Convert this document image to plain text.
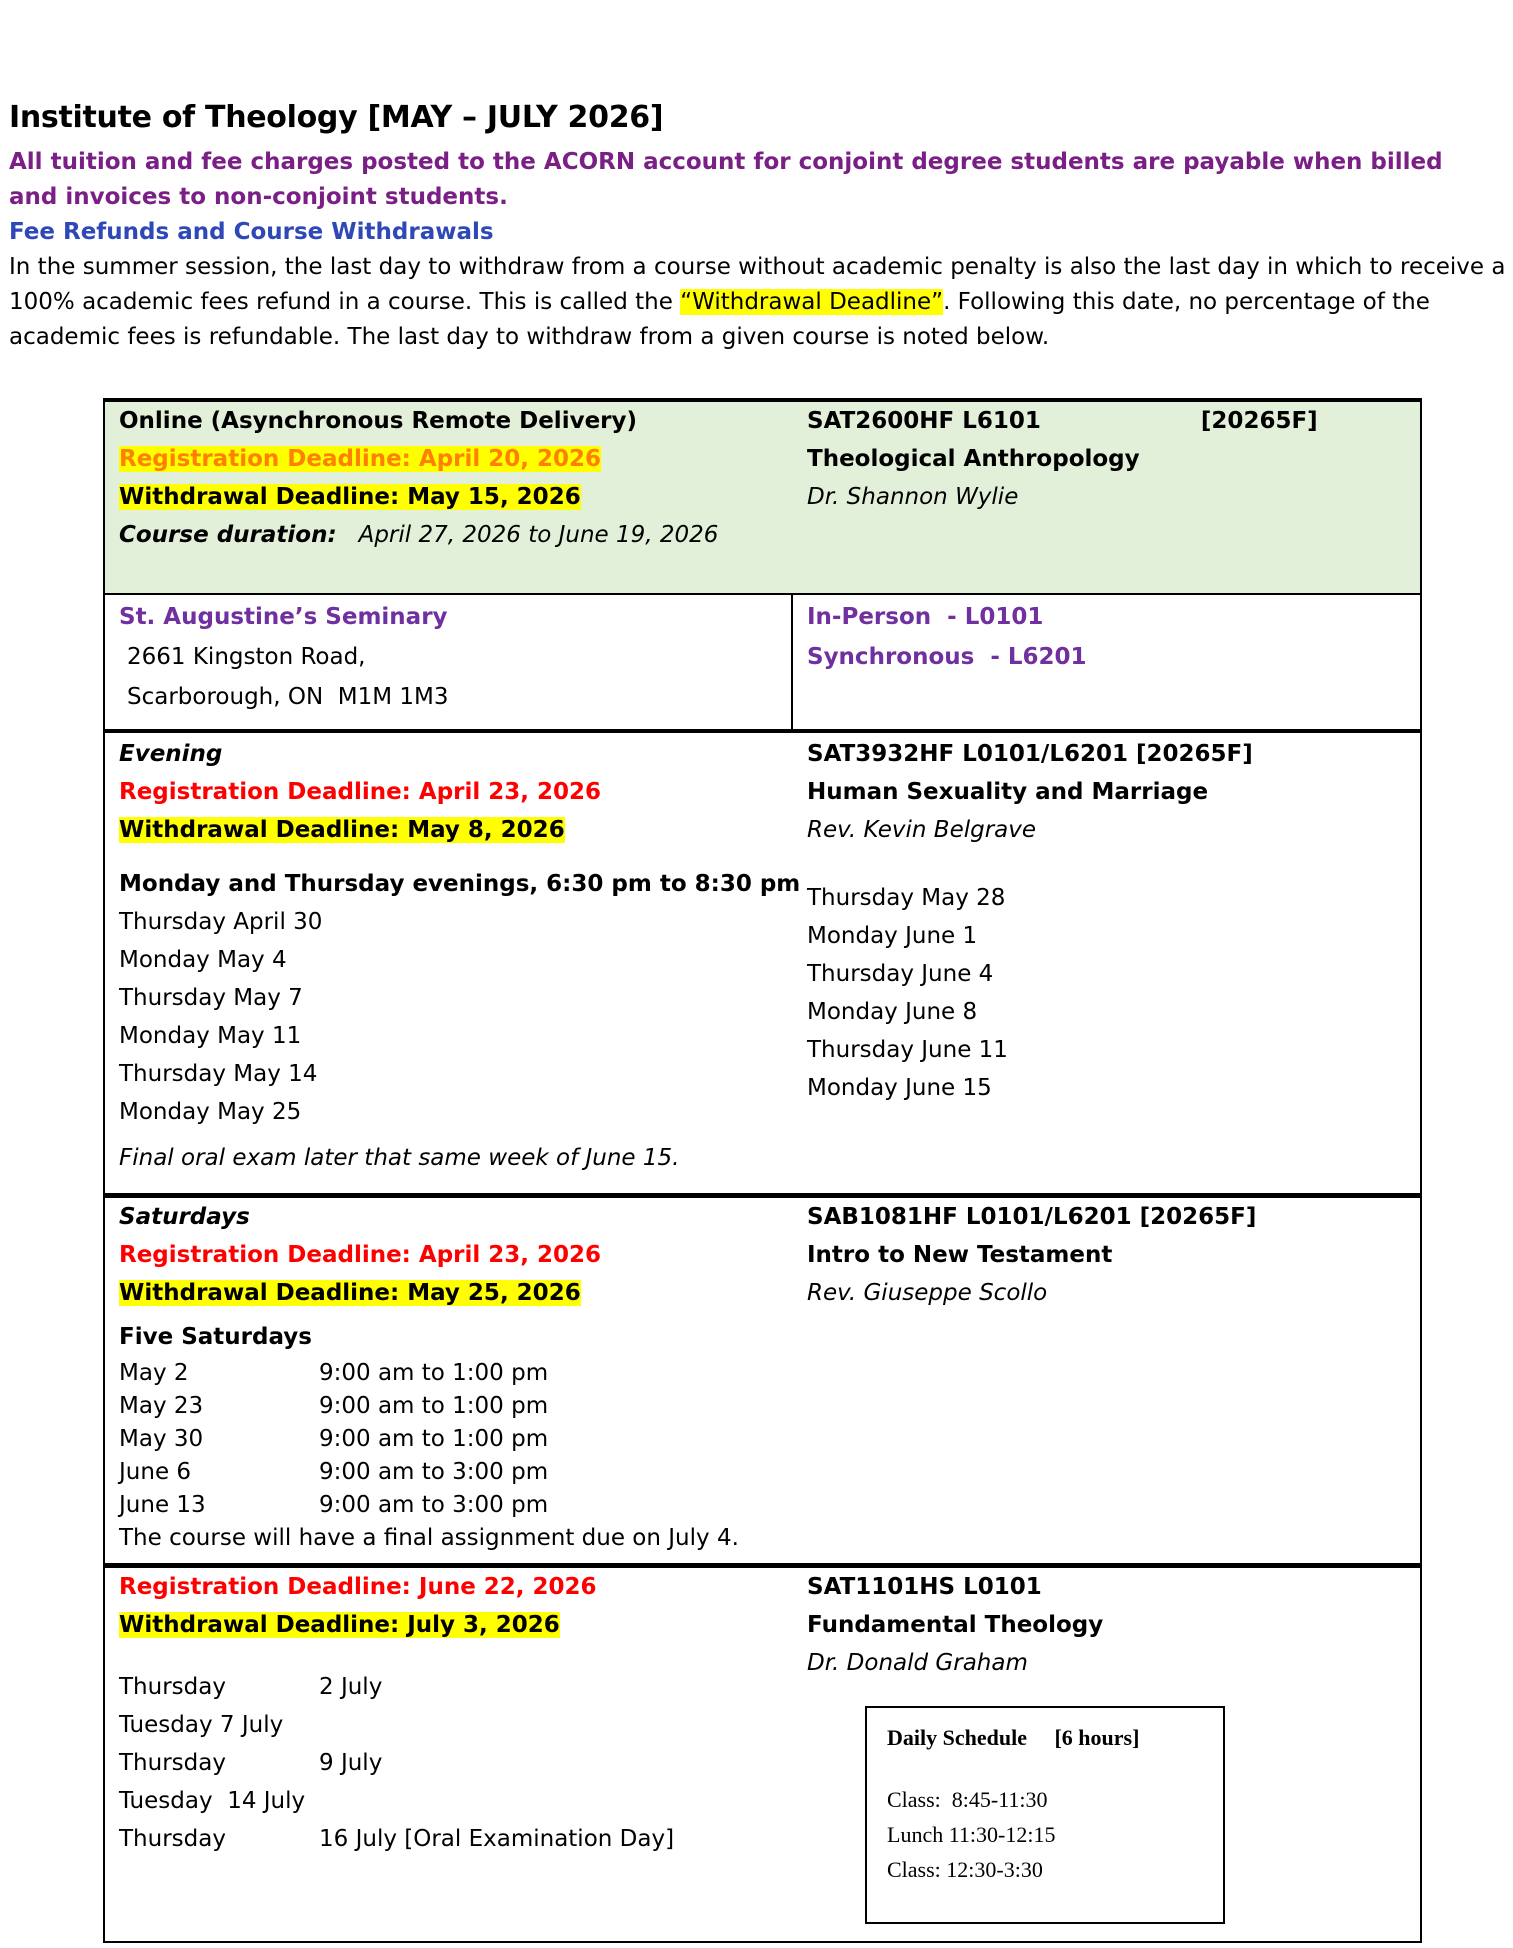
Institute of Theology [MAY – JULY 2026]

All tuition and fee charges posted to the ACORN account for conjoint degree students are payable when billed and invoices to non-conjoint students.

Fee Refunds and Course Withdrawals

In the summer session, the last day to withdraw from a course without academic penalty is also the last day in which to receive a 100% academic fees refund in a course. This is called the “Withdrawal Deadline”. Following this date, no percentage of the academic fees is refundable. The last day to withdraw from a given course is noted below.

Online (Asynchronous Remote Delivery)
Registration Deadline: April 20, 2026
Withdrawal Deadline: May 15, 2026
Course duration:   April 27, 2026 to June 19, 2026
SAT2600HF L6101	[20265F]
Theological Anthropology
Dr. Shannon Wylie
St. Augustine’s Seminary
2661 Kingston Road,
Scarborough, ON  M1M 1M3
In-Person  - L0101
Synchronous  - L6201
Evening
Registration Deadline: April 23, 2026
Withdrawal Deadline: May 8, 2026
Monday and Thursday evenings, 6:30 pm to 8:30 pm
Thursday April 30
Monday May 4
Thursday May 7
Monday May 11
Thursday May 14
Monday May 25
Final oral exam later that same week of June 15.
SAT3932HF L0101/L6201 [20265F]
Human Sexuality and Marriage
Rev. Kevin Belgrave
Thursday May 28
Monday June 1
Thursday June 4
Monday June 8
Thursday June 11
Monday June 15
Saturdays
Registration Deadline: April 23, 2026
Withdrawal Deadline: May 25, 2026
Five Saturdays
May 2	9:00 am to 1:00 pm
May 23	9:00 am to 1:00 pm
May 30	9:00 am to 1:00 pm
June 6	9:00 am to 3:00 pm
June 13	9:00 am to 3:00 pm
The course will have a final assignment due on July 4.
SAB1081HF L0101/L6201 [20265F]
Intro to New Testament
Rev. Giuseppe Scollo
Registration Deadline: June 22, 2026
Withdrawal Deadline: July 3, 2026
Thursday	2 July
Tuesday 7 July	
Thursday	9 July
Tuesday  14 July	
Thursday	16 July [Oral Examination Day]
SAT1101HS L0101
Fundamental Theology
Dr. Donald Graham
Daily Schedule     [6 hours]
Class:  8:45-11:30
Lunch 11:30-12:15
Class: 12:30-3:30
